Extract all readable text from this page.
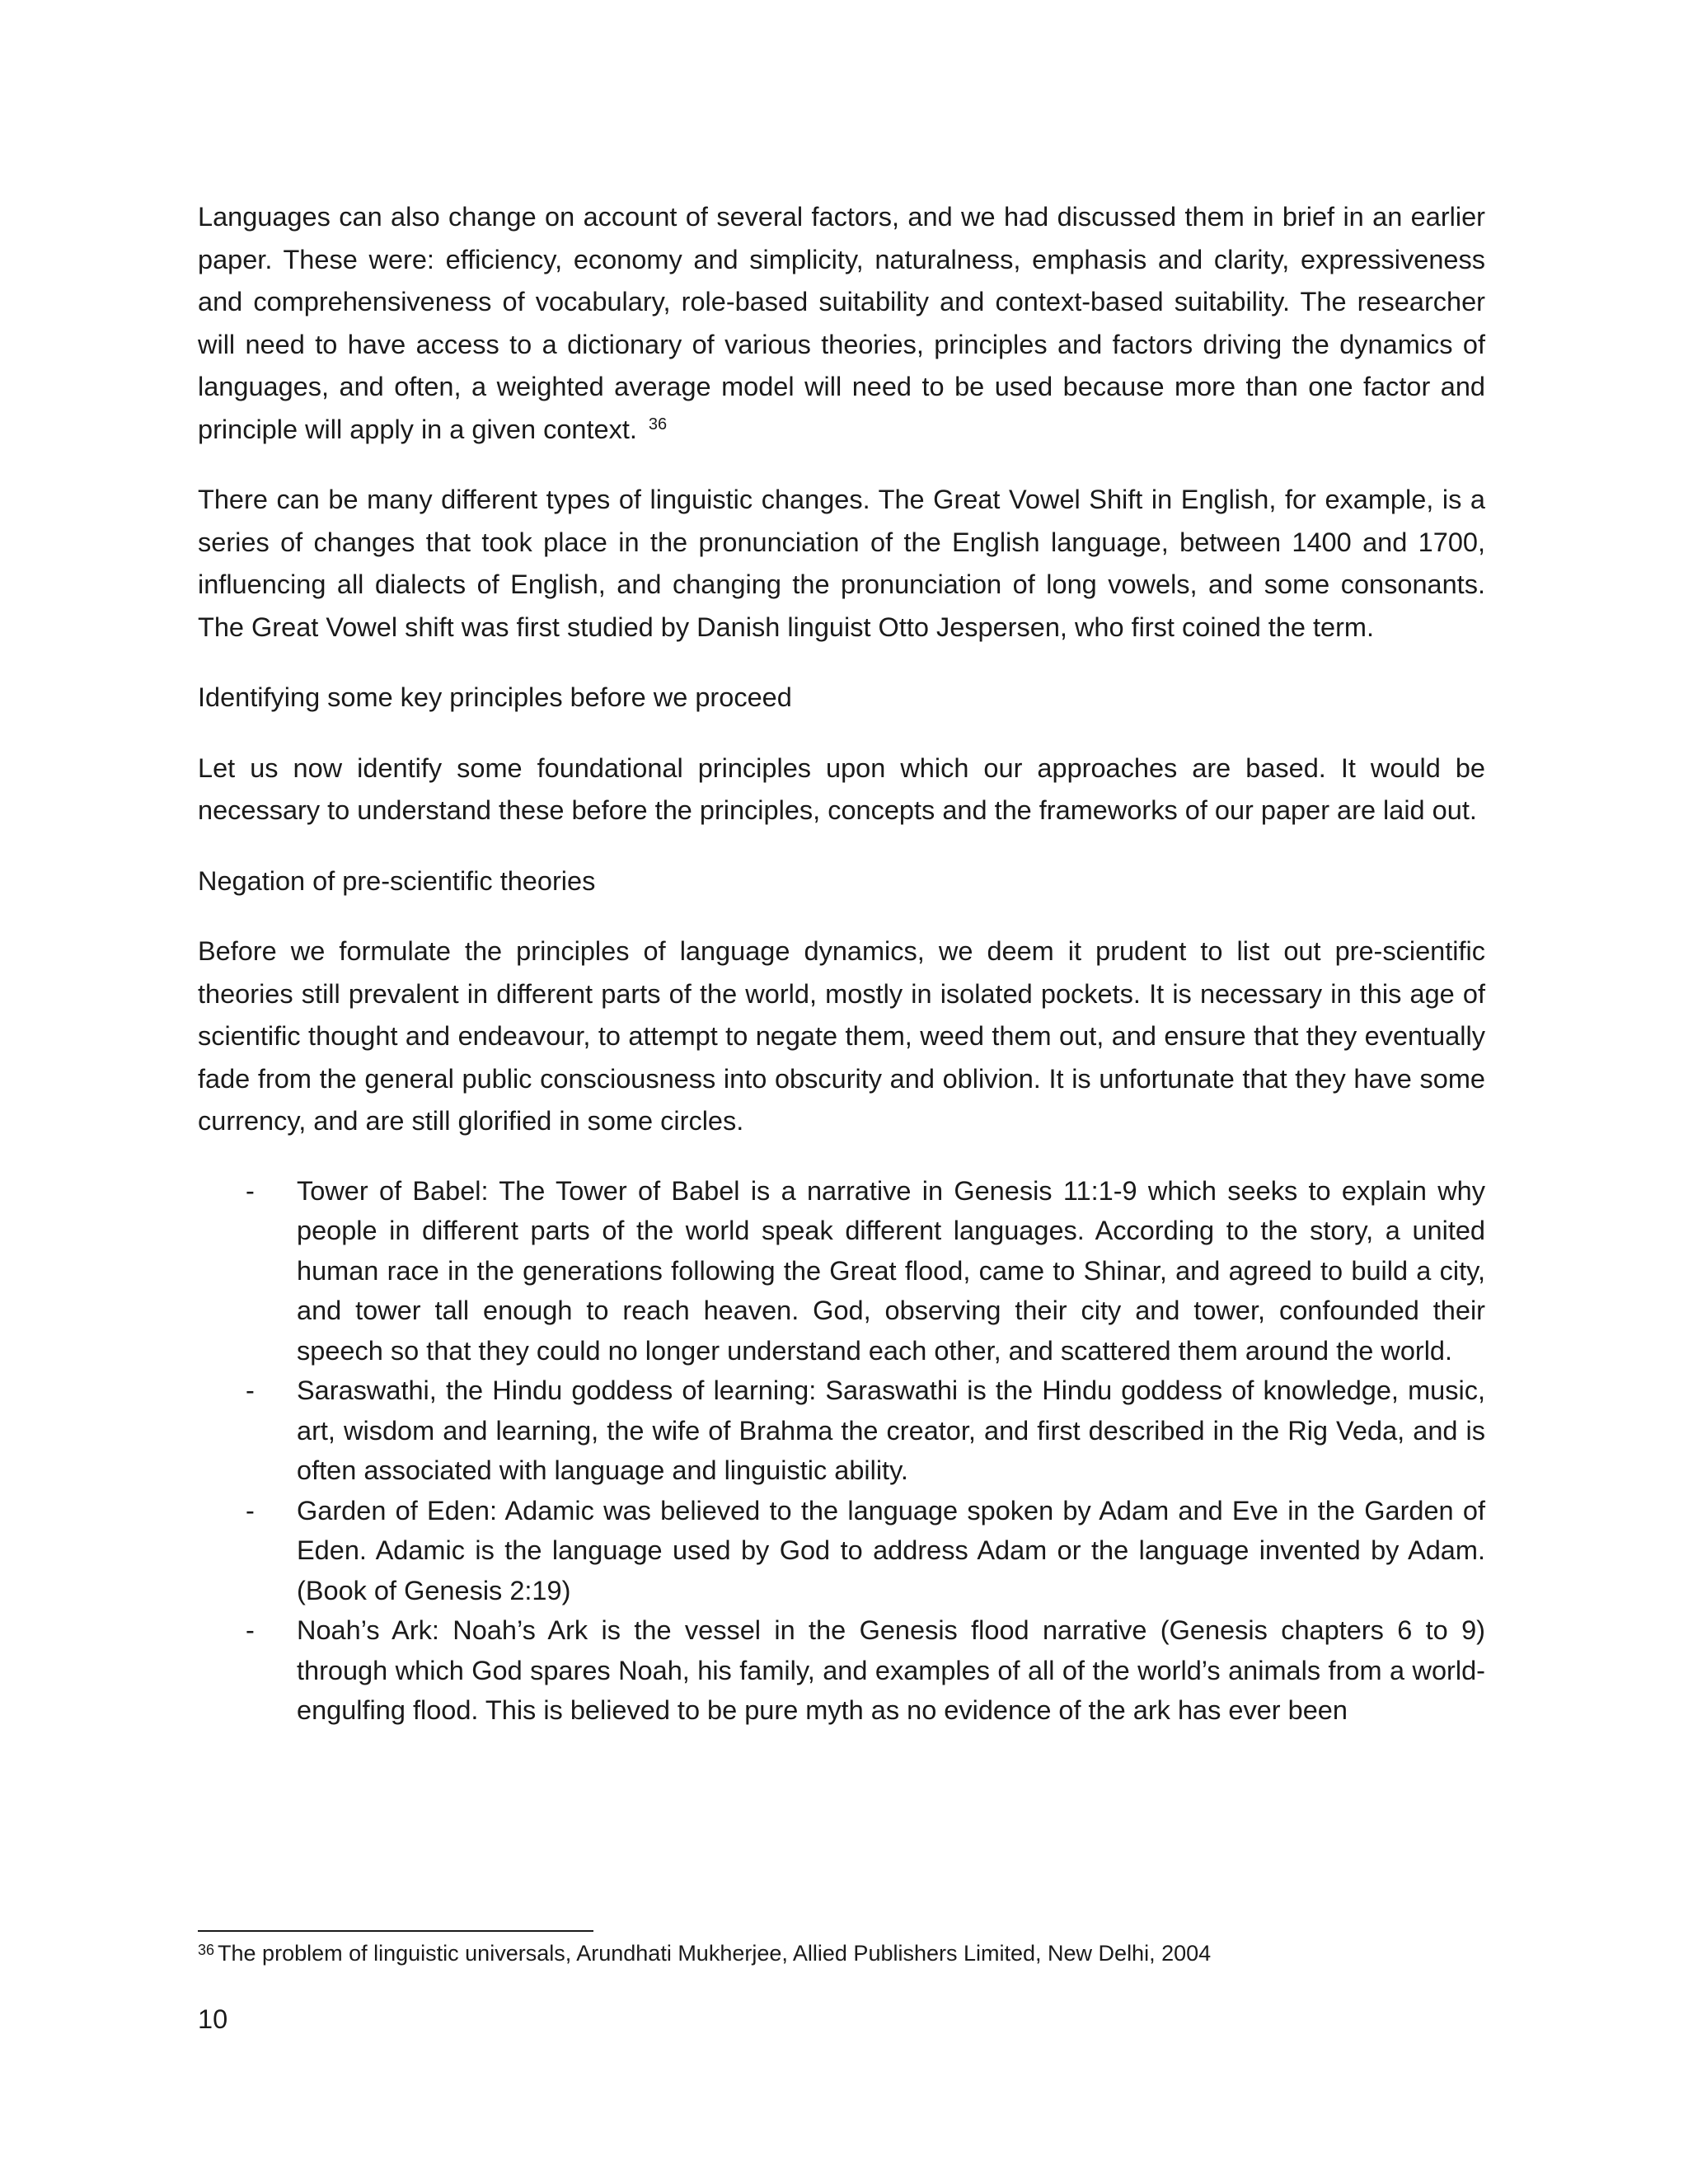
Languages can also change on account of several factors, and we had discussed them in brief in an earlier paper. These were: efficiency, economy and simplicity, naturalness, emphasis and clarity, expressiveness and comprehensiveness of vocabulary, role-based suitability and context-based suitability. The researcher will need to have access to a dictionary of various theories, principles and factors driving the dynamics of languages, and often, a weighted average model will need to be used because more than one factor and principle will apply in a given context. $^{36}$

There can be many different types of linguistic changes. The Great Vowel Shift in English, for example, is a series of changes that took place in the pronunciation of the English language, between 1400 and 1700, influencing all dialects of English, and changing the pronunciation of long vowels, and some consonants. The Great Vowel shift was first studied by Danish linguist Otto Jespersen, who first coined the term.

Identifying some key principles before we proceed

Let us now identify some foundational principles upon which our approaches are based. It would be necessary to understand these before the principles, concepts and the frameworks of our paper are laid out.

Negation of pre-scientific theories

Before we formulate the principles of language dynamics, we deem it prudent to list out pre-scientific theories still prevalent in different parts of the world, mostly in isolated pockets. It is necessary in this age of scientific thought and endeavour, to attempt to negate them, weed them out, and ensure that they eventually fade from the general public consciousness into obscurity and oblivion. It is unfortunate that they have some currency, and are still glorified in some circles.

- Tower of Babel: The Tower of Babel is a narrative in Genesis 11:1-9 which seeks to explain why people in different parts of the world speak different languages. According to the story, a united human race in the generations following the Great flood, came to Shinar, and agreed to build a city, and tower tall enough to reach heaven. God, observing their city and tower, confounded their speech so that they could no longer understand each other, and scattered them around the world.
- Saraswathi, the Hindu goddess of learning: Saraswathi is the Hindu goddess of knowledge, music, art, wisdom and learning, the wife of Brahma the creator, and first described in the Rig Veda, and is often associated with language and linguistic ability.
- Garden of Eden: Adamic was believed to the language spoken by Adam and Eve in the Garden of Eden. Adamic is the language used by God to address Adam or the language invented by Adam. (Book of Genesis 2:19)
- Noah’s Ark: Noah’s Ark is the vessel in the Genesis flood narrative (Genesis chapters 6 to 9) through which God spares Noah, his family, and examples of all of the world’s animals from a world-engulfing flood. This is believed to be pure myth as no evidence of the ark has ever been
$^{36}$ The problem of linguistic universals, Arundhati Mukherjee, Allied Publishers Limited, New Delhi, 2004
10
